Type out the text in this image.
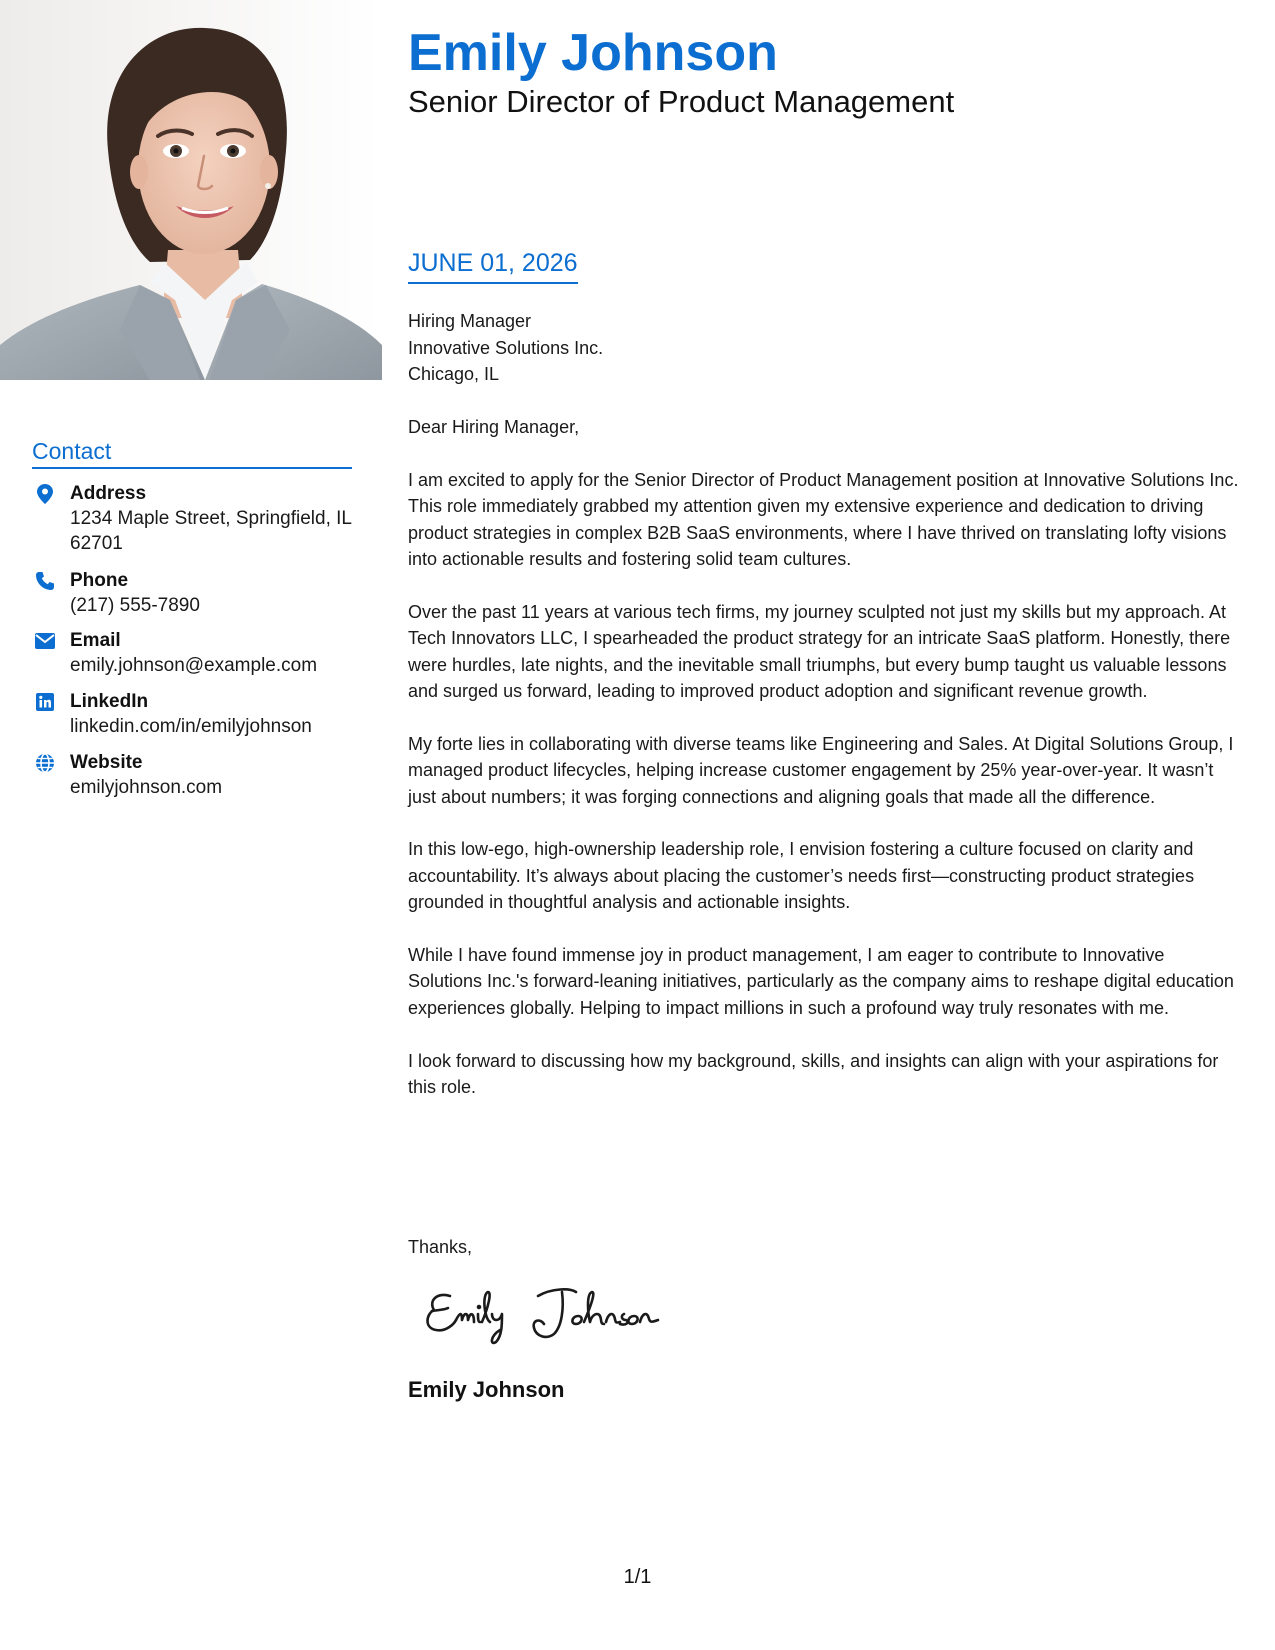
Contact
Address
1234 Maple Street, Springfield, IL 62701
Phone
(217) 555-7890
Email
emily.johnson@example.com
LinkedIn
linkedin.com/in/emilyjohnson
Website
emilyjohnson.com
Emily Johnson
Senior Director of Product Management
JUNE 01, 2026
Hiring Manager
Innovative Solutions Inc.
Chicago, IL

Dear Hiring Manager,

I am excited to apply for the Senior Director of Product Management position at Innovative Solutions Inc. This role immediately grabbed my attention given my extensive experience and dedication to driving product strategies in complex B2B SaaS environments, where I have thrived on translating lofty visions into actionable results and fostering solid team cultures.

Over the past 11 years at various tech firms, my journey sculpted not just my skills but my approach. At Tech Innovators LLC, I spearheaded the product strategy for an intricate SaaS platform. Honestly, there were hurdles, late nights, and the inevitable small triumphs, but every bump taught us valuable lessons and surged us forward, leading to improved product adoption and significant revenue growth.

My forte lies in collaborating with diverse teams like Engineering and Sales. At Digital Solutions Group, I managed product lifecycles, helping increase customer engagement by 25% year-over-year. It wasn’t just about numbers; it was forging connections and aligning goals that made all the difference.

In this low-ego, high-ownership leadership role, I envision fostering a culture focused on clarity and accountability. It’s always about placing the customer’s needs first—constructing product strategies grounded in thoughtful analysis and actionable insights.

While I have found immense joy in product management, I am eager to contribute to Innovative Solutions Inc.'s forward-leaning initiatives, particularly as the company aims to reshape digital education experiences globally. Helping to impact millions in such a profound way truly resonates with me.

I look forward to discussing how my background, skills, and insights can align with your aspirations for this role.

Thanks,
Emily Johnson
1/1
